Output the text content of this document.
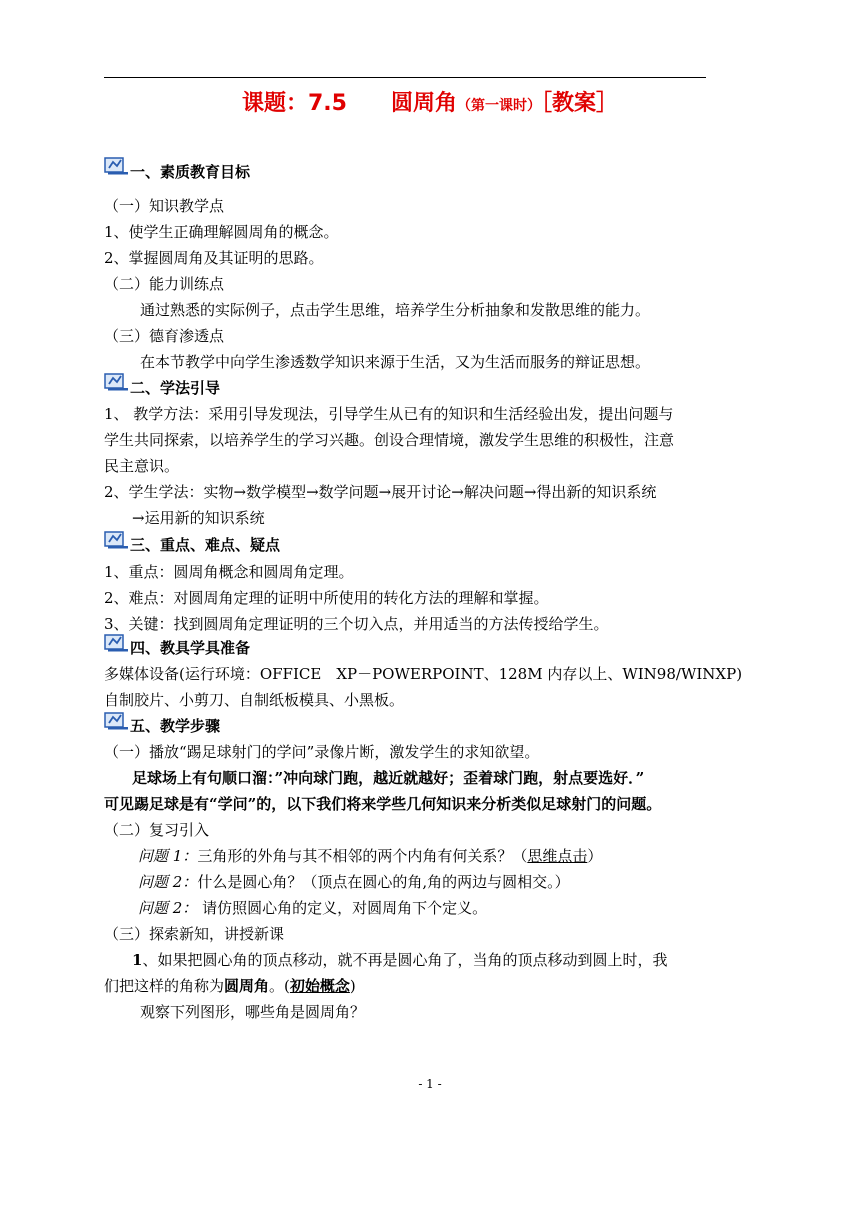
课题：7.5 圆周角（第一课时）［教案］
一、素质教育目标
（一）知识教学点
1、使学生正确理解圆周角的概念。
2、掌握圆周角及其证明的思路。
（二）能力训练点
通过熟悉的实际例子，点击学生思维，培养学生分析抽象和发散思维的能力。
（三）德育渗透点
在本节教学中向学生渗透数学知识来源于生活，又为生活而服务的辩证思想。
二、学法引导
1、 教学方法：采用引导发现法，引导学生从已有的知识和生活经验出发，提出问题与
学生共同探索，以培养学生的学习兴趣。创设合理情境，激发学生思维的积极性，注意
民主意识。
2、学生学法：实物→数学模型→数学问题→展开讨论→解决问题→得出新的知识系统
→运用新的知识系统
三、重点、难点、疑点
1、重点：圆周角概念和圆周角定理。
2、难点：对圆周角定理的证明中所使用的转化方法的理解和掌握。
3、关键：找到圆周角定理证明的三个切入点，并用适当的方法传授给学生。
四、教具学具准备
多媒体设备(运行环境：OFFICE　XP－POWERPOINT、128M 内存以上、WIN98/WINXP)
自制胶片、小剪刀、自制纸板模具、小黑板。
五、教学步骤
（一）播放“踢足球射门的学问”录像片断，激发学生的求知欲望。
足球场上有句顺口溜：”冲向球门跑，越近就越好；歪着球门跑，射点要选好．”
可见踢足球是有“学问”的，以下我们将来学些几何知识来分析类似足球射门的问题。
（二）复习引入
问题 1：三角形的外角与其不相邻的两个内角有何关系？（思维点击）
问题 2：什么是圆心角？（顶点在圆心的角,角的两边与圆相交。）
问题 2： 请仿照圆心角的定义，对圆周角下个定义。
（三）探索新知，讲授新课
1、如果把圆心角的顶点移动，就不再是圆心角了，当角的顶点移动到圆上时，我
们把这样的角称为圆周角。(初始概念)
观察下列图形，哪些角是圆周角？
- 1 -
